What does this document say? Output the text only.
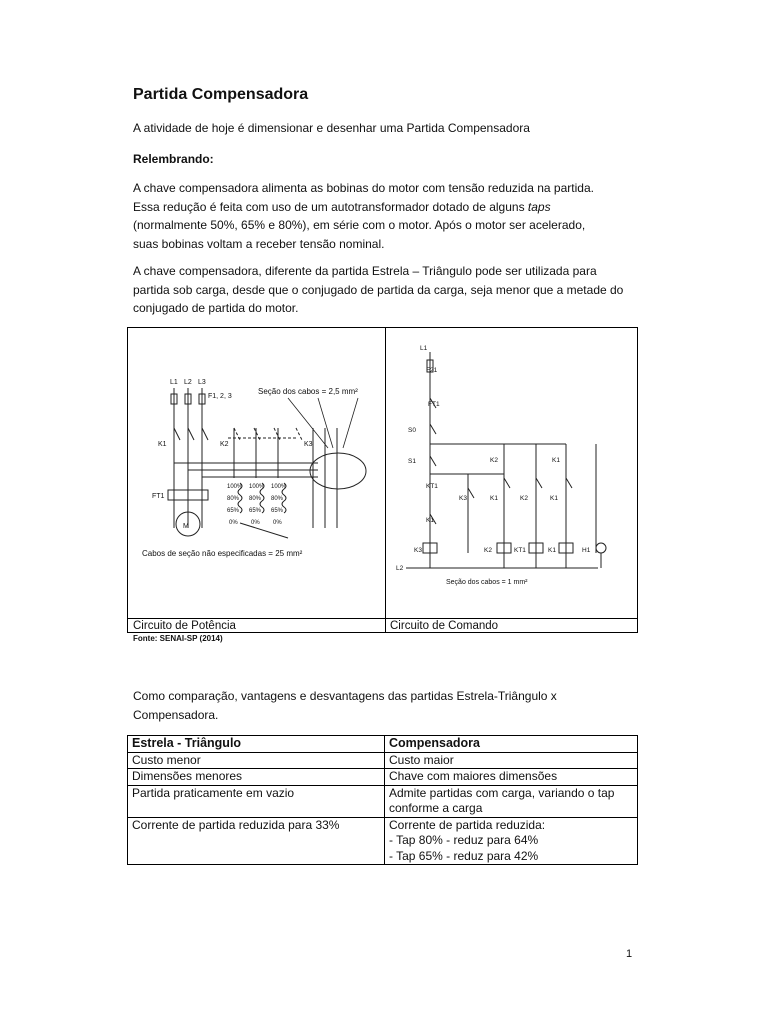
Partida Compensadora

A atividade de hoje é dimensionar e desenhar uma Partida Compensadora

Relembrando:

A chave compensadora alimenta as bobinas do motor com tensão reduzida na partida. Essa redução é feita com uso de um autotransformador dotado de alguns taps (normalmente 50%, 65% e 80%), em série com o motor. Após o motor ser acelerado, suas bobinas voltam a receber tensão nominal.

A chave compensadora, diferente da partida Estrela – Triângulo pode ser utilizada para partida sob carga, desde que o conjugado de partida da carga, seja menor que a metade do conjugado de partida do motor.

L1 L2 L3
F1, 2, 3
Seção dos cabos = 2,5 mm²
K1	K2	K3
FT1
M
Cabos de seção não especificadas = 25 mm²
100%
80%
65%
0%
100%
80%
65%
0%
100%
80%
65%
0%
L1
F21
FT1
S0
S1
L2
Seção dos cabos = 1 mm²
KT1
K3	K1	K2	K1
K2	K1
K1
K3	K2	KT1	K1	H1
Circuito de Potência	Circuito de Comando
Fonte: SENAI-SP (2014)

Como comparação, vantagens e desvantagens das partidas Estrela-Triângulo x Compensadora.

Estrela - Triângulo	Compensadora
Custo menor	Custo maior
Dimensões menores	Chave com maiores dimensões
Partida praticamente em vazio	Admite partidas com carga, variando o tap conforme a carga
Corrente de partida reduzida para 33%	Corrente de partida reduzida:
- Tap 80% - reduz para 64%
- Tap 65% - reduz para 42%
1
